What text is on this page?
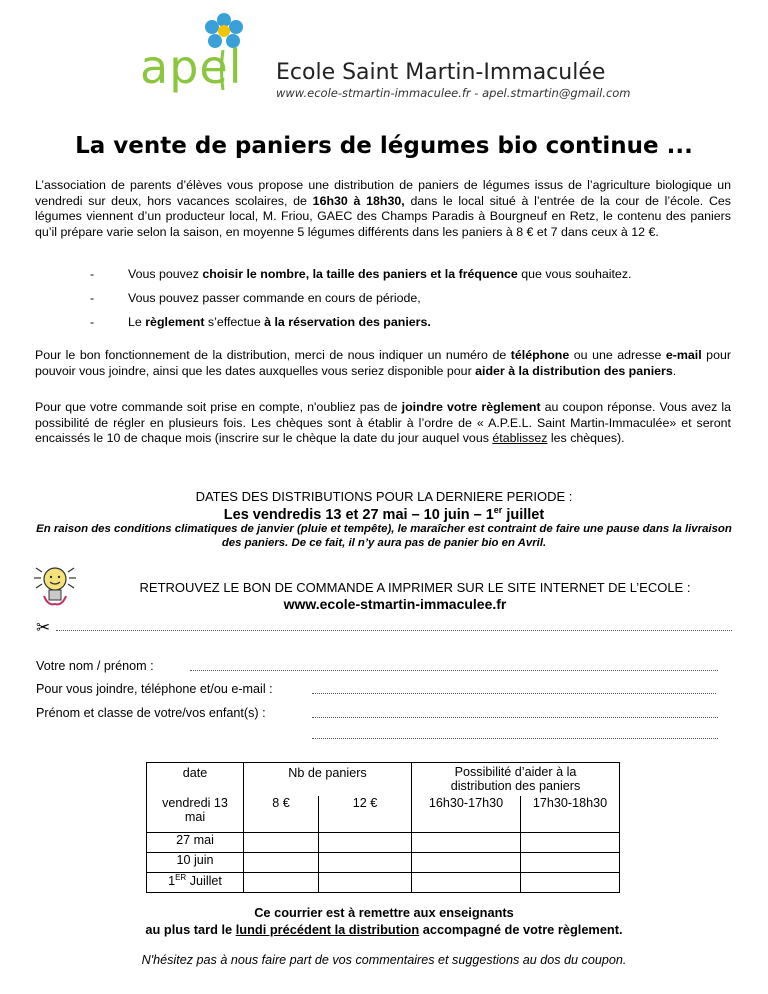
apel Ecole Saint Martin-Immaculée
www.ecole-stmartin-immaculee.fr - apel.stmartin@gmail.com
La vente de paniers de légumes bio continue ...
L’association de parents d’élèves vous propose une distribution de paniers de légumes issus de l’agriculture biologique un vendredi sur deux, hors vacances scolaires, de 16h30 à 18h30, dans le local situé à l’entrée de la cour de l’école. Ces légumes viennent d’un producteur local, M. Friou, GAEC des Champs Paradis à Bourgneuf en Retz, le contenu des paniers qu’il prépare varie selon la saison, en moyenne 5 légumes différents dans les paniers à 8 € et 7 dans ceux à 12 €.
-	Vous pouvez choisir le nombre, la taille des paniers et la fréquence que vous souhaitez.
-	Vous pouvez passer commande en cours de période,
-	Le règlement s’effectue à la réservation des paniers.
Pour le bon fonctionnement de la distribution, merci de nous indiquer un numéro de téléphone ou une adresse e-mail pour pouvoir vous joindre, ainsi que les dates auxquelles vous seriez disponible pour aider à la distribution des paniers.
Pour que votre commande soit prise en compte, n'oubliez pas de joindre votre règlement au coupon réponse. Vous avez la possibilité de régler en plusieurs fois. Les chèques sont à établir à l’ordre de « A.P.E.L. Saint Martin-Immaculée» et seront encaissés le 10 de chaque mois (inscrire sur le chèque la date du jour auquel vous établissez les chèques).
DATES DES DISTRIBUTIONS POUR LA DERNIERE PERIODE :
Les vendredis 13 et 27 mai – 10 juin – 1er juillet
En raison des conditions climatiques de janvier (pluie et tempête), le maraîcher est contraint de faire une pause dans la livraison des paniers. De ce fait, il n’y aura pas de panier bio en Avril.
RETROUVEZ LE BON DE COMMANDE A IMPRIMER SUR LE SITE INTERNET DE L’ECOLE :
www.ecole-stmartin-immaculee.fr
✂
Votre nom / prénom :
Pour vous joindre, téléphone et/ou e-mail :
Prénom et classe de votre/vos enfant(s) :
date	Nb de paniers		Possibilité d’aider à la distribution des paniers	
vendredi 13 mai	8 €	12 €	16h30-17h30	17h30-18h30
27 mai				
10 juin				
1ER Juillet				
Ce courrier est à remettre aux enseignants
au plus tard le lundi précédent la distribution accompagné de votre règlement.
N'hésitez pas à nous faire part de vos commentaires et suggestions au dos du coupon.
